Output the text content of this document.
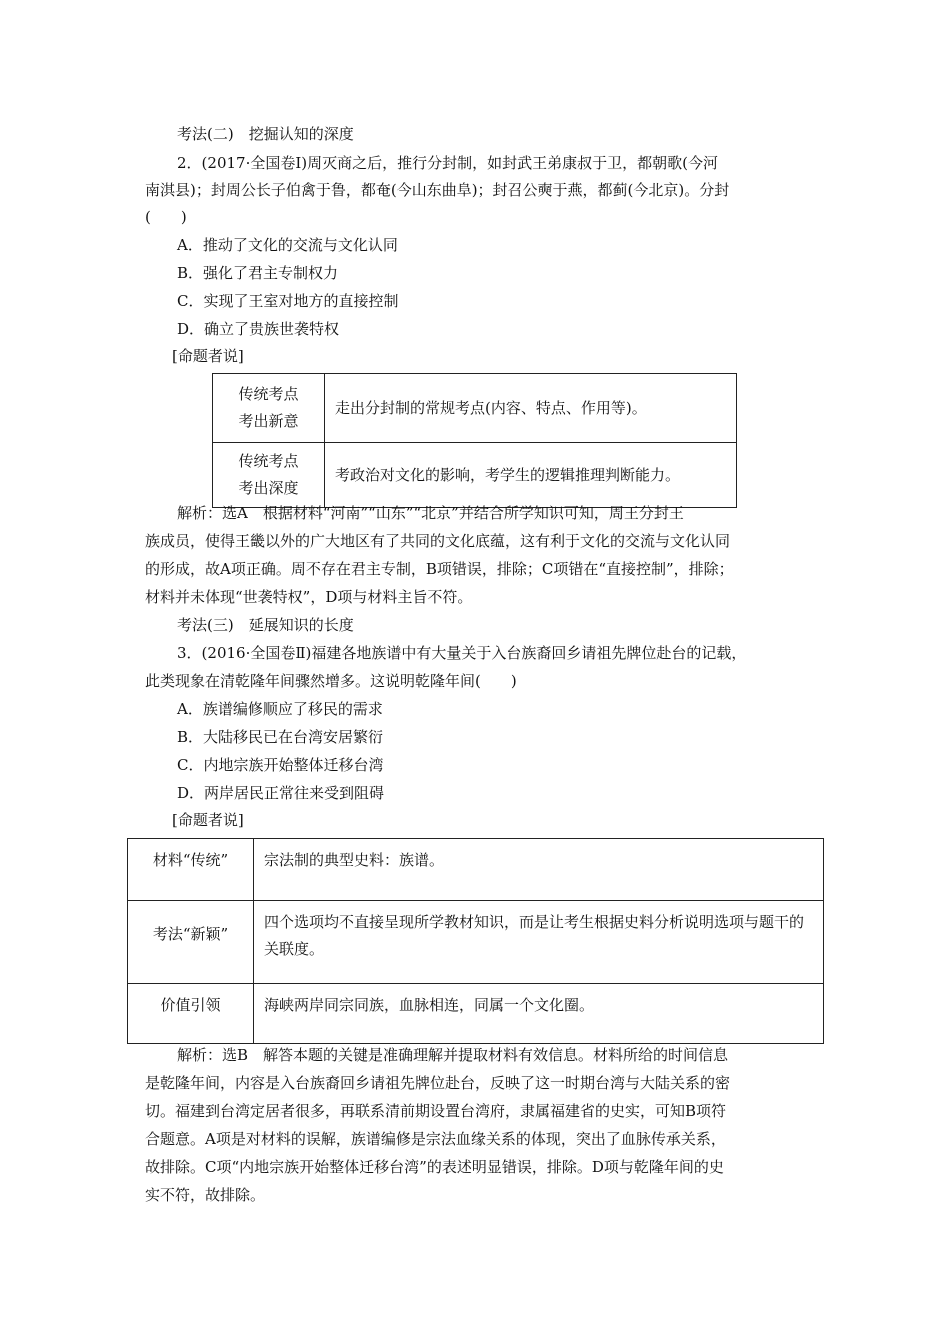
考法(二)　挖掘认知的深度
2．(2017·全国卷Ⅰ)周灭商之后，推行分封制，如封武王弟康叔于卫，都朝歌(今河
南淇县)；封周公长子伯禽于鲁，都奄(今山东曲阜)；封召公奭于燕，都蓟(今北京)。分封
(　　)
A．推动了文化的交流与文化认同
B．强化了君主专制权力
C．实现了王室对地方的直接控制
D．确立了贵族世袭特权
[命题者说]
传统考点
考出新意	走出分封制的常规考点(内容、特点、作用等)。

传统考点
考出深度	考政治对文化的影响，考学生的逻辑推理判断能力。
解析：选A　根据材料“河南”“山东”“北京”并结合所学知识可知，周王分封王
族成员，使得王畿以外的广大地区有了共同的文化底蕴，这有利于文化的交流与文化认同
的形成，故A项正确。周不存在君主专制，B项错误，排除；C项错在“直接控制”，排除；
材料并未体现“世袭特权”，D项与材料主旨不符。
考法(三)　延展知识的长度
3．(2016·全国卷Ⅱ)福建各地族谱中有大量关于入台族裔回乡请祖先牌位赴台的记载，
此类现象在清乾隆年间骤然增多。这说明乾隆年间(　　)
A．族谱编修顺应了移民的需求
B．大陆移民已在台湾安居繁衍
C．内地宗族开始整体迁移台湾
D．两岸居民正常往来受到阻碍
[命题者说]
材料“传统”	宗法制的典型史料：族谱。
考法“新颖”	四个选项均不直接呈现所学教材知识，而是让考生根据史料分析说明选项与题干的关联度。
价值引领	海峡两岸同宗同族，血脉相连，同属一个文化圈。
解析：选B　解答本题的关键是准确理解并提取材料有效信息。材料所给的时间信息
是乾隆年间，内容是入台族裔回乡请祖先牌位赴台，反映了这一时期台湾与大陆关系的密
切。福建到台湾定居者很多，再联系清前期设置台湾府，隶属福建省的史实，可知B项符
合题意。A项是对材料的误解，族谱编修是宗法血缘关系的体现，突出了血脉传承关系，
故排除。C项“内地宗族开始整体迁移台湾”的表述明显错误，排除。D项与乾隆年间的史
实不符，故排除。
